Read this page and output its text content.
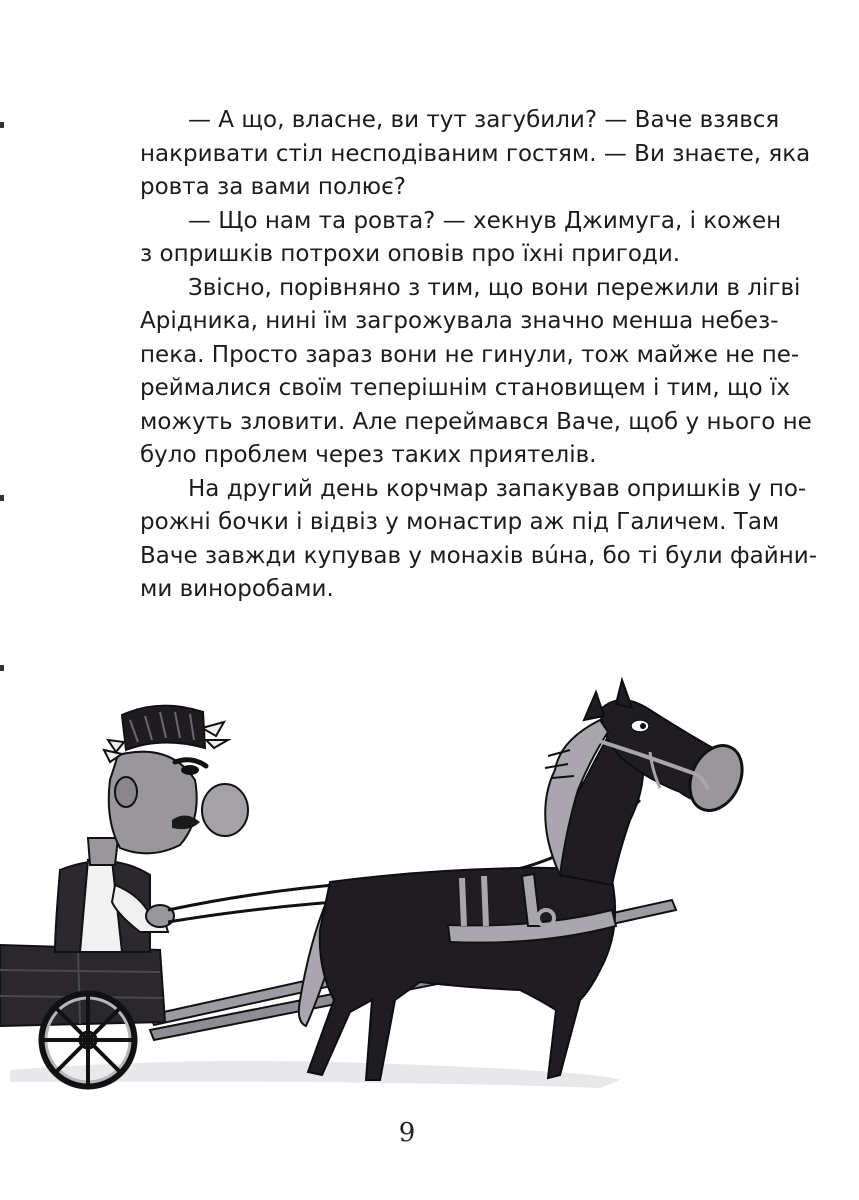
— А що, власне, ви тут загубили? — Ваче взявся
накривати стіл несподіваним гостям. — Ви знаєте, яка
ровта за вами полює?

— Що нам та ровта? — хекнув Джимуга, і кожен
з опришків потрохи оповів про їхні пригоди.

Звісно, порівняно з тим, що вони пережили в лігві
Арідника, нині їм загрожувала значно менша небез-
пека. Просто зараз вони не гинули, тож майже не пе-
реймалися своїм теперішнім становищем і тим, що їх
можуть зловити. Але переймався Ваче, щоб у нього не
було проблем через таких приятелів.

На другий день корчмар запакував опришків у по-
рожні бочки і відвіз у монастир аж під Галичем. Там
Ваче завжди купував у монахів вúна, бо ті були файни-
ми винoробами.

9
